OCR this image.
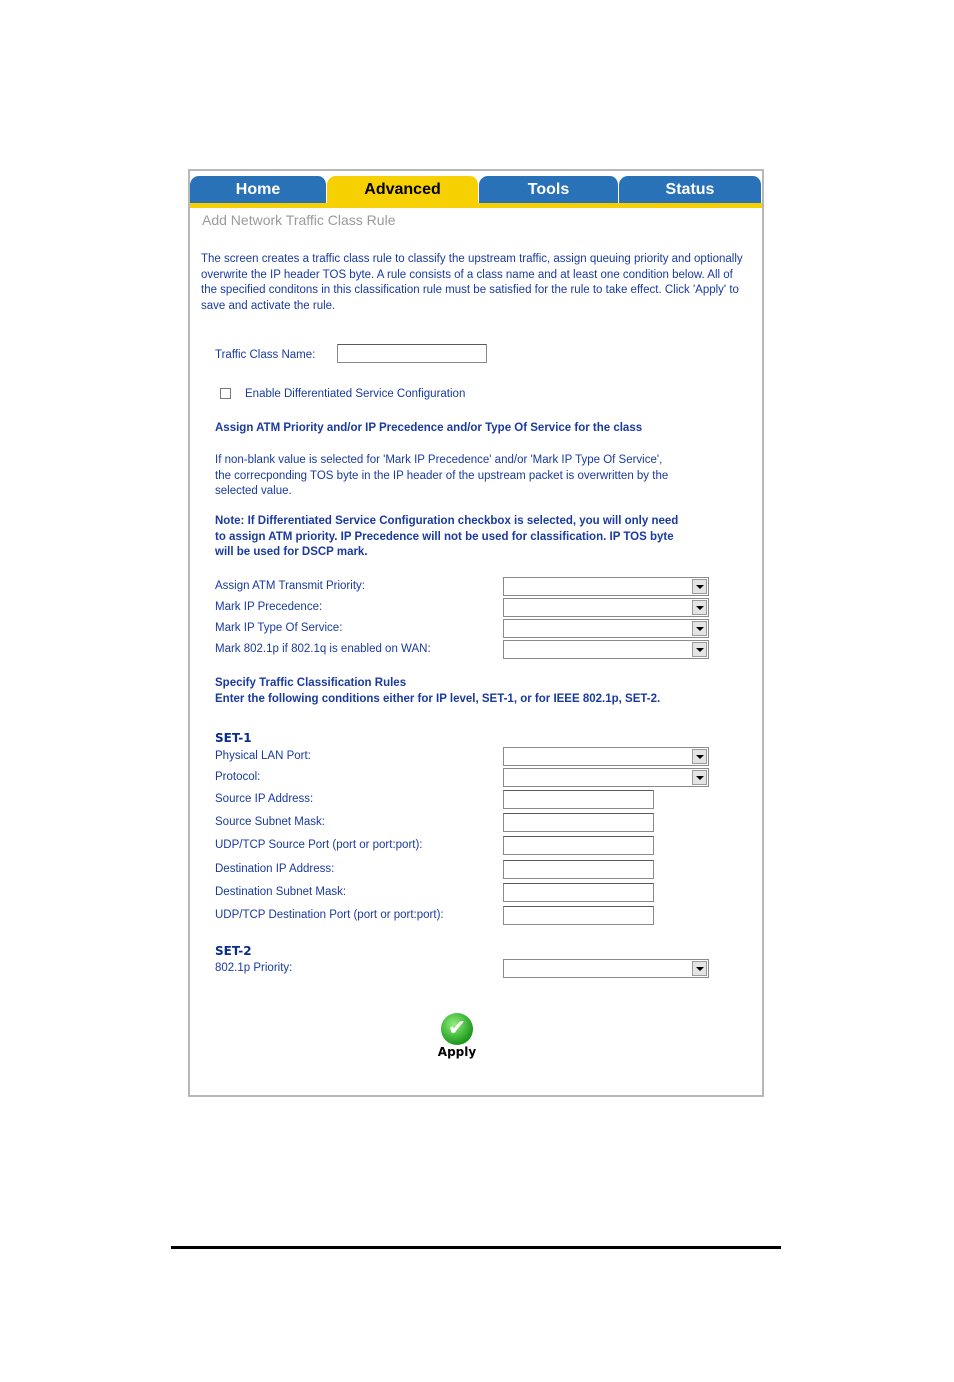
Home	Advanced	Tools	Status
Add Network Traffic Class Rule
The screen creates a traffic class rule to classify the upstream traffic, assign queuing priority and optionally overwrite the IP header TOS byte. A rule consists of a class name and at least one condition below. All of the specified conditons in this classification rule must be satisfied for the rule to take effect. Click 'Apply' to save and activate the rule.
Traffic Class Name:
Enable Differentiated Service Configuration
Assign ATM Priority and/or IP Precedence and/or Type Of Service for the class
If non-blank value is selected for 'Mark IP Precedence' and/or 'Mark IP Type Of Service', the correcponding TOS byte in the IP header of the upstream packet is overwritten by the selected value.
Note: If Differentiated Service Configuration checkbox is selected, you will only need to assign ATM priority. IP Precedence will not be used for classification. IP TOS byte will be used for DSCP mark.
Assign ATM Transmit Priority:
Mark IP Precedence:
Mark IP Type Of Service:
Mark 802.1p if 802.1q is enabled on WAN:
Specify Traffic Classification Rules
Enter the following conditions either for IP level, SET-1, or for IEEE 802.1p, SET-2.
SET-1
Physical LAN Port:
Protocol:
Source IP Address:
Source Subnet Mask:
UDP/TCP Source Port (port or port:port):
Destination IP Address:
Destination Subnet Mask:
UDP/TCP Destination Port (port or port:port):
SET-2
802.1p Priority:
✔
Apply
